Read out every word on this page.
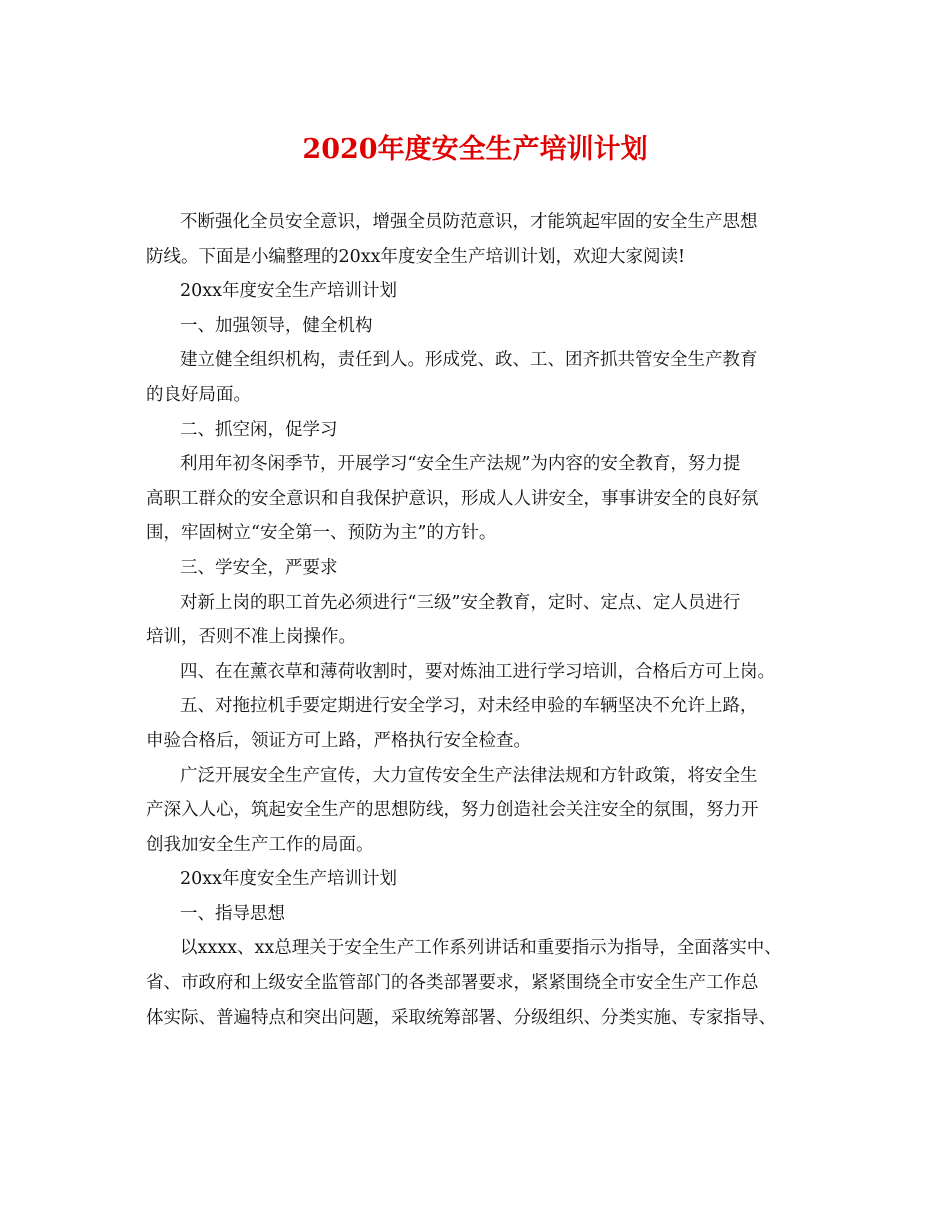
2020年度安全生产培训计划
不断强化全员安全意识，增强全员防范意识，才能筑起牢固的安全生产思想
防线。下面是小编整理的20xx年度安全生产培训计划，欢迎大家阅读!
20xx年度安全生产培训计划
一、加强领导，健全机构
建立健全组织机构，责任到人。形成党、政、工、团齐抓共管安全生产教育
的良好局面。
二、抓空闲，促学习
利用年初冬闲季节，开展学习“安全生产法规”为内容的安全教育，努力提
高职工群众的安全意识和自我保护意识，形成人人讲安全，事事讲安全的良好氛
围，牢固树立“安全第一、预防为主”的方针。
三、学安全，严要求
对新上岗的职工首先必须进行“三级”安全教育，定时、定点、定人员进行
培训，否则不准上岗操作。
四、在在薰衣草和薄荷收割时，要对炼油工进行学习培训，合格后方可上岗。
五、对拖拉机手要定期进行安全学习，对未经申验的车辆坚决不允许上路，
申验合格后，领证方可上路，严格执行安全检查。
广泛开展安全生产宣传，大力宣传安全生产法律法规和方针政策，将安全生
产深入人心，筑起安全生产的思想防线，努力创造社会关注安全的氛围，努力开
创我加安全生产工作的局面。
20xx年度安全生产培训计划
一、指导思想
以xxxx、xx总理关于安全生产工作系列讲话和重要指示为指导，全面落实中、
省、市政府和上级安全监管部门的各类部署要求，紧紧围绕全市安全生产工作总
体实际、普遍特点和突出问题，采取统筹部署、分级组织、分类实施、专家指导、
